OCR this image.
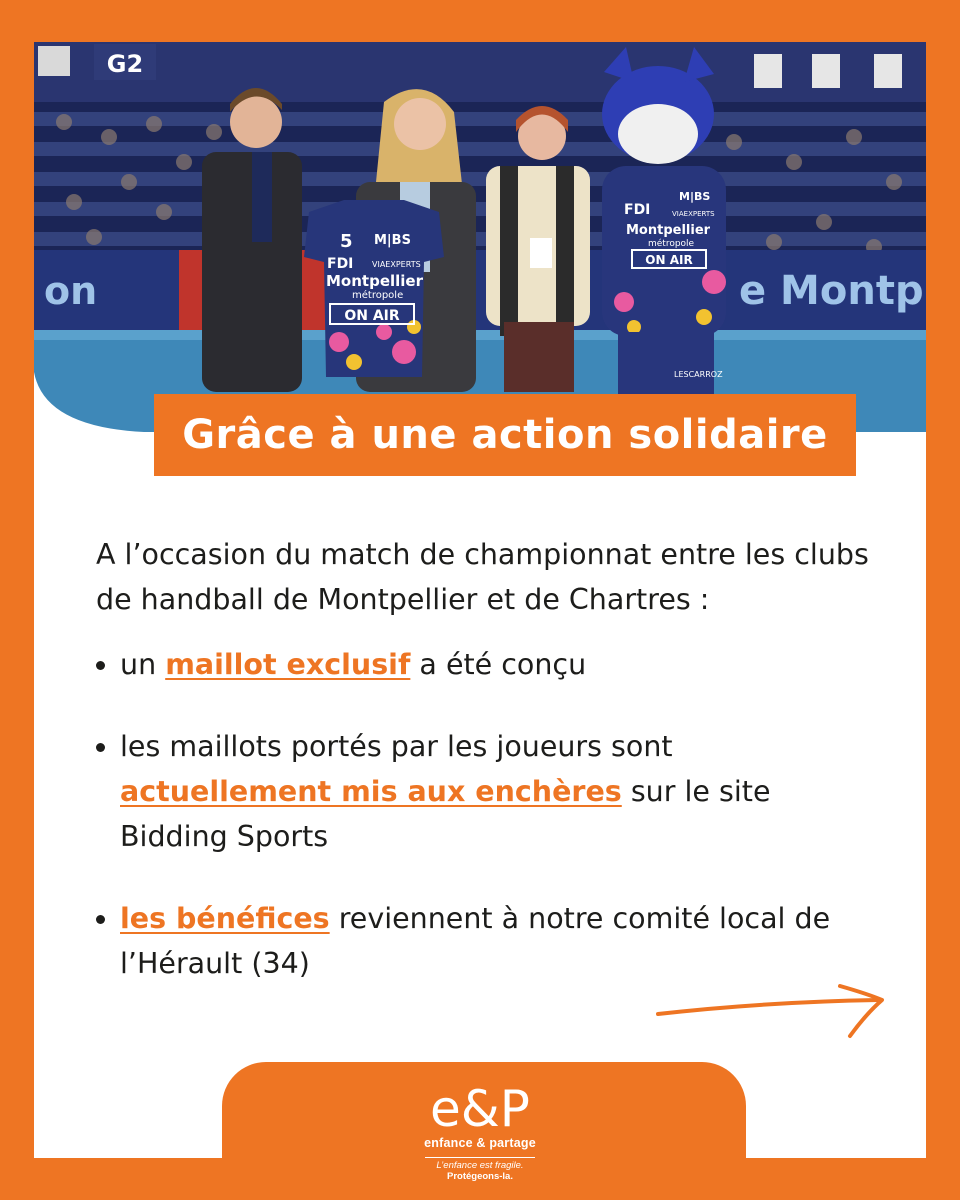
G2
on	e Montp
5 M|BS
FDI VIAEXPERTS
Montpellier
métropole
ON AIR
FDI
M|BS
VIAEXPERTS
Montpellier
métropole
ON AIR
LESCARROZ
Grâce à une action solidaire

A l’occasion du match de championnat entre les clubs de handball de Montpellier et de Chartres :

un maillot exclusif a été conçu
les maillots portés par les joueurs sont actuellement mis aux enchères sur le site Bidding Sports
les bénéfices reviennent à notre comité local de l’Hérault (34)
e&P
enfance & partage
L’enfance est fragile.
Protégeons-la.
